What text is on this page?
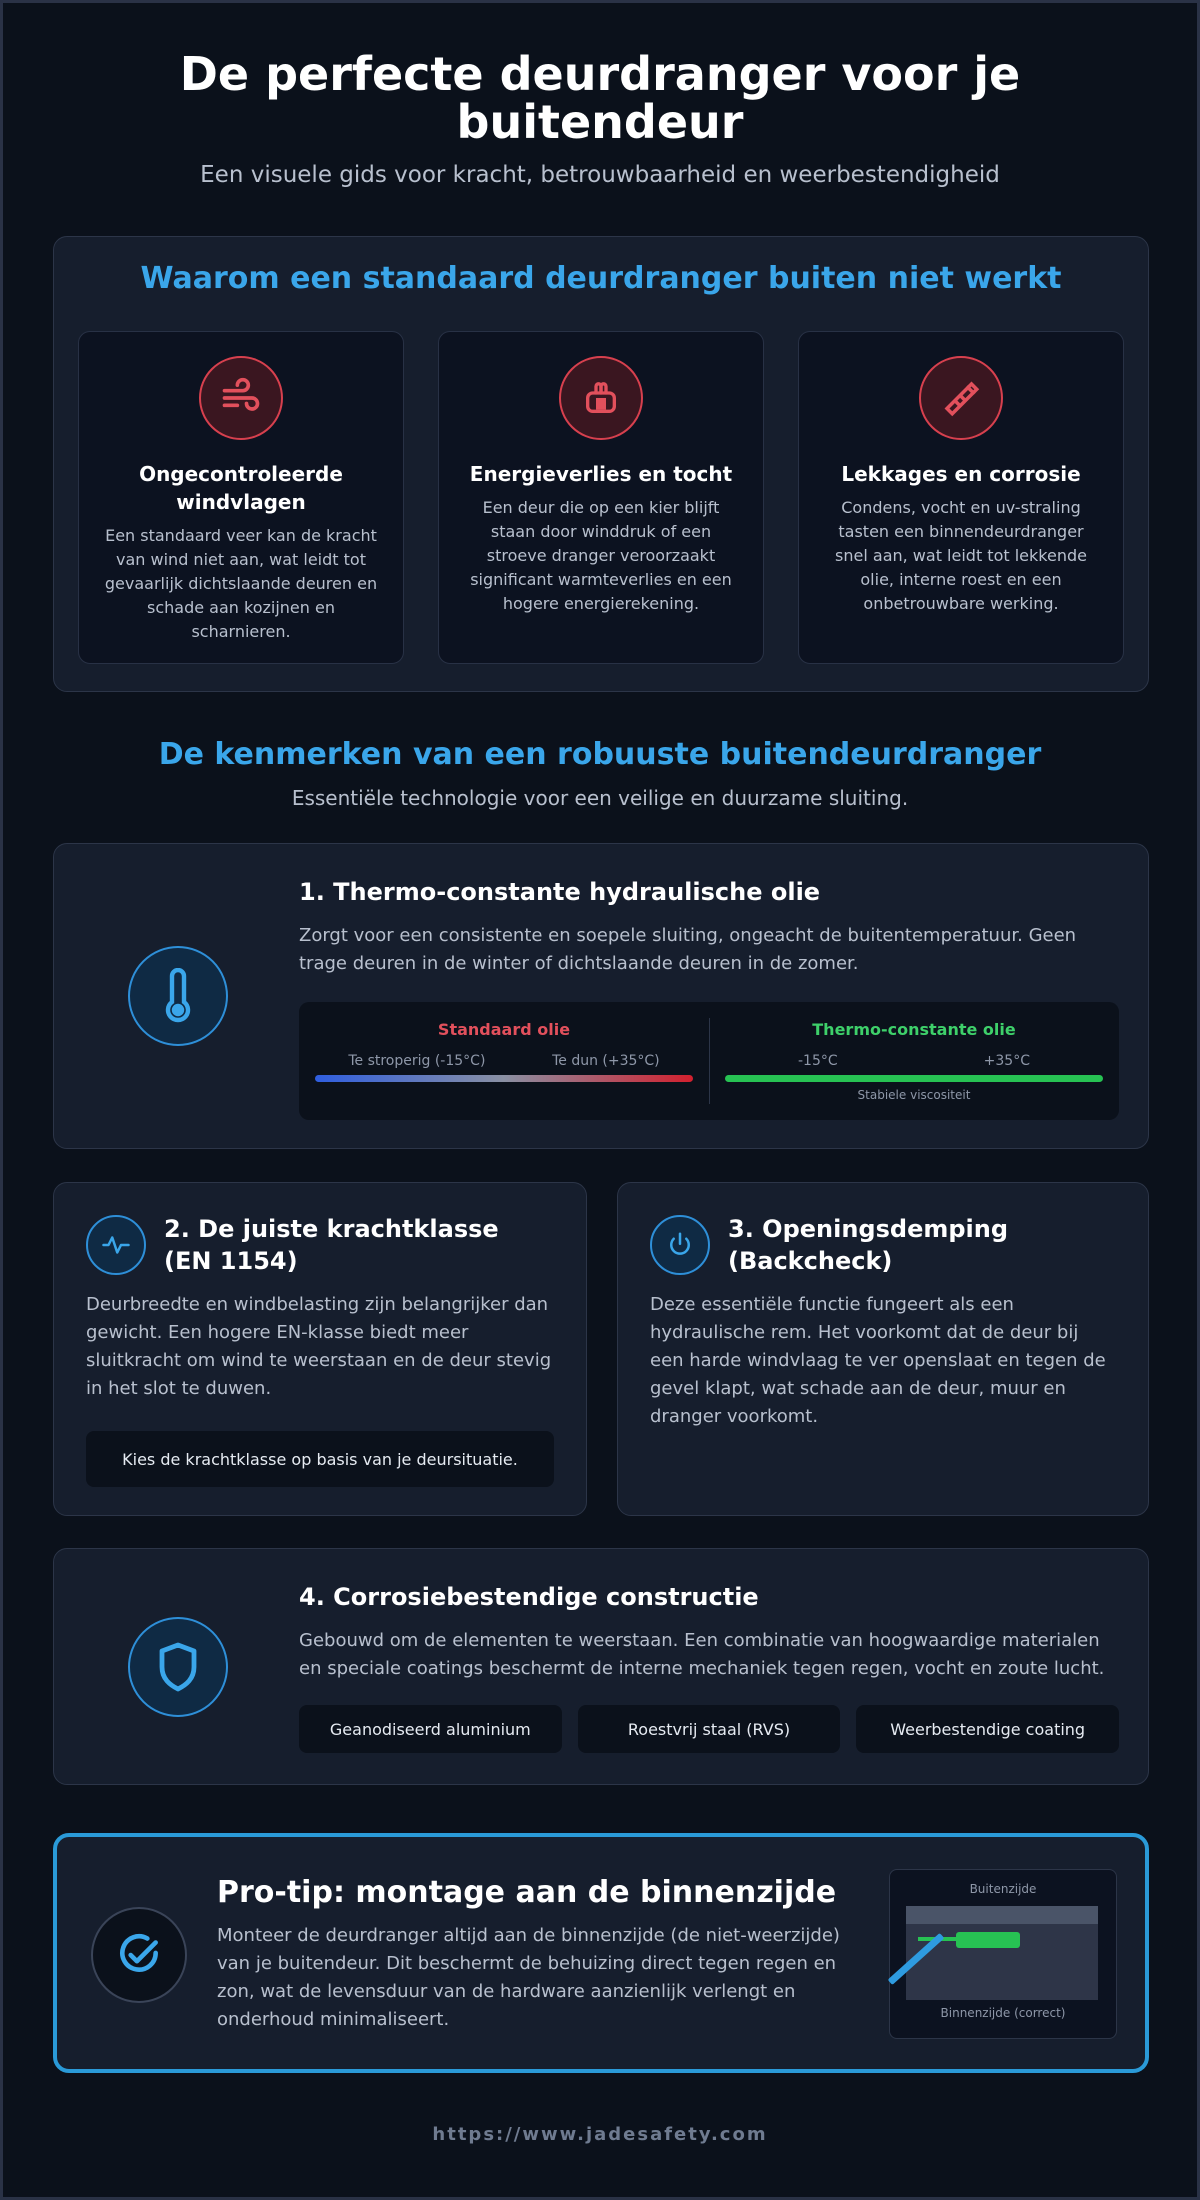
De perfecte deurdranger voor je buitendeur
Een visuele gids voor kracht, betrouwbaarheid en weerbestendigheid
Waarom een standaard deurdranger buiten niet werkt
Ongecontroleerde windvlagen
Een standaard veer kan de kracht van wind niet aan, wat leidt tot gevaarlijk dichtslaande deuren en schade aan kozijnen en scharnieren.
Energieverlies en tocht
Een deur die op een kier blijft staan door winddruk of een stroeve dranger veroorzaakt significant warmteverlies en een hogere energierekening.
Lekkages en corrosie
Condens, vocht en uv-straling tasten een binnendeurdranger snel aan, wat leidt tot lekkende olie, interne roest en een onbetrouwbare werking.
De kenmerken van een robuuste buitendeurdranger
Essentiële technologie voor een veilige en duurzame sluiting.
1. Thermo-constante hydraulische olie
Zorgt voor een consistente en soepele sluiting, ongeacht de buitentemperatuur. Geen trage deuren in de winter of dichtslaande deuren in de zomer.
Standaard olie
Te stroperig (-15°C)	Te dun (+35°C)
Thermo-constante olie
-15°C	+35°C
Stabiele viscositeit
2. De juiste krachtklasse (EN 1154)
Deurbreedte en windbelasting zijn belangrijker dan gewicht. Een hogere EN-klasse biedt meer sluitkracht om wind te weerstaan en de deur stevig in het slot te duwen.
Kies de krachtklasse op basis van je deursituatie.
3. Openingsdemping (Backcheck)
Deze essentiële functie fungeert als een hydraulische rem. Het voorkomt dat de deur bij een harde windvlaag te ver openslaat en tegen de gevel klapt, wat schade aan de deur, muur en dranger voorkomt.
4. Corrosiebestendige constructie
Gebouwd om de elementen te weerstaan. Een combinatie van hoogwaardige materialen en speciale coatings beschermt de interne mechaniek tegen regen, vocht en zoute lucht.
Geanodiseerd aluminium	Roestvrij staal (RVS)	Weerbestendige coating
Pro-tip: montage aan de binnenzijde
Monteer de deurdranger altijd aan de binnenzijde (de niet-weerzijde) van je buitendeur. Dit beschermt de behuizing direct tegen regen en zon, wat de levensduur van de hardware aanzienlijk verlengt en onderhoud minimaliseert.
Buitenzijde
Binnenzijde (correct)
https://www.jadesafety.com
